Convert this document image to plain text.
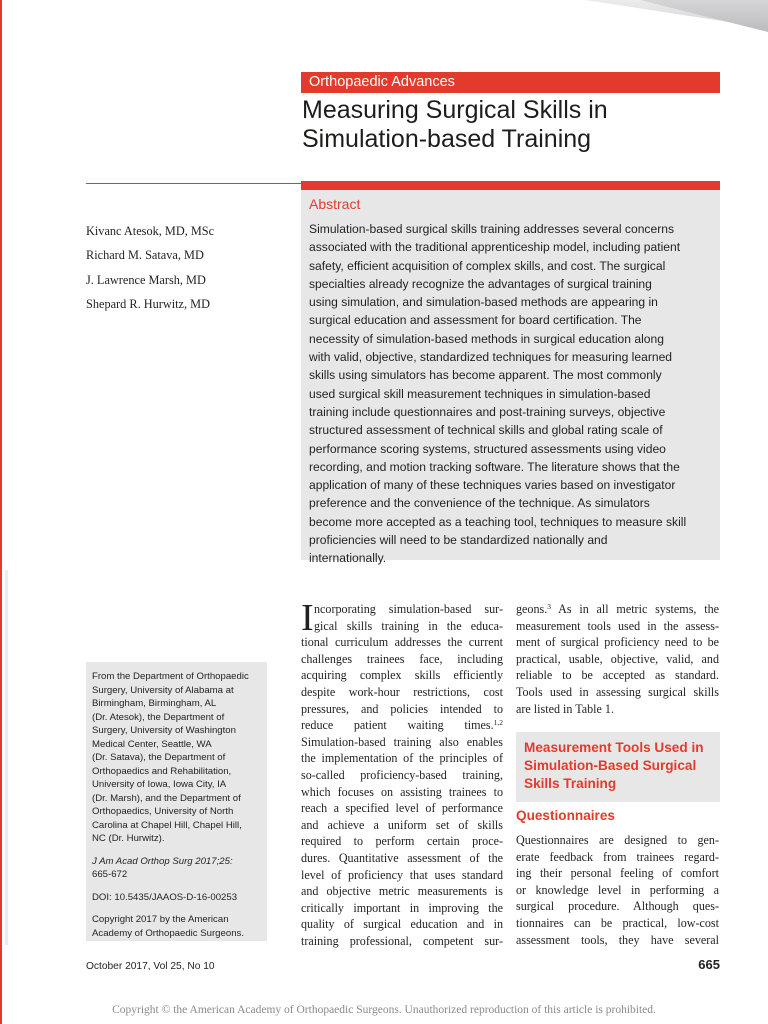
Orthopaedic Advances
Measuring Surgical Skills in
Simulation-based Training
Kivanc Atesok, MD, MSc
Richard M. Satava, MD
J. Lawrence Marsh, MD
Shepard R. Hurwitz, MD
Abstract
Simulation-based surgical skills training addresses several concerns
associated with the traditional apprenticeship model, including patient
safety, efficient acquisition of complex skills, and cost. The surgical
specialties already recognize the advantages of surgical training
using simulation, and simulation-based methods are appearing in
surgical education and assessment for board certification. The
necessity of simulation-based methods in surgical education along
with valid, objective, standardized techniques for measuring learned
skills using simulators has become apparent. The most commonly
used surgical skill measurement techniques in simulation-based
training include questionnaires and post-training surveys, objective
structured assessment of technical skills and global rating scale of
performance scoring systems, structured assessments using video
recording, and motion tracking software. The literature shows that the
application of many of these techniques varies based on investigator
preference and the convenience of the technique. As simulators
become more accepted as a teaching tool, techniques to measure skill
proficiencies will need to be standardized nationally and
internationally.
I ncorporating simulation-based sur-
gical skills training in the educa-
tional curriculum addresses the current
challenges trainees face, including
acquiring complex skills efficiently
despite work-hour restrictions, cost
pressures, and policies intended to
reduce patient waiting times.$^{1,2}$
Simulation-based training also enables
the implementation of the principles of
so-called proficiency-based training,
which focuses on assisting trainees to
reach a specified level of performance
and achieve a uniform set of skills
required to perform certain proce-
dures. Quantitative assessment of the
level of proficiency that uses standard
and objective metric measurements is
critically important in improving the
quality of surgical education and in
training professional, competent sur-
geons.$^3$ As in all metric systems, the
measurement tools used in the assess-
ment of surgical proficiency need to be
practical, usable, objective, valid, and
reliable to be accepted as standard.
Tools used in assessing surgical skills
are listed in Table 1.
Measurement Tools Used in
Simulation-Based Surgical
Skills Training
Questionnaires
Questionnaires are designed to gen-
erate feedback from trainees regard-
ing their personal feeling of comfort
or knowledge level in performing a
surgical procedure. Although ques-
tionnaires can be practical, low-cost
assessment tools, they have several
From the Department of Orthopaedic
Surgery, University of Alabama at
Birmingham, Birmingham, AL
(Dr. Atesok), the Department of
Surgery, University of Washington
Medical Center, Seattle, WA
(Dr. Satava), the Department of
Orthopaedics and Rehabilitation,
University of Iowa, Iowa City, IA
(Dr. Marsh), and the Department of
Orthopaedics, University of North
Carolina at Chapel Hill, Chapel Hill,
NC (Dr. Hurwitz).
J Am Acad Orthop Surg 2017;25:
665-672
DOI: 10.5435/JAAOS-D-16-00253
Copyright 2017 by the American
Academy of Orthopaedic Surgeons.
October 2017, Vol 25, No 10	665
Copyright © the American Academy of Orthopaedic Surgeons. Unauthorized reproduction of this article is prohibited.
